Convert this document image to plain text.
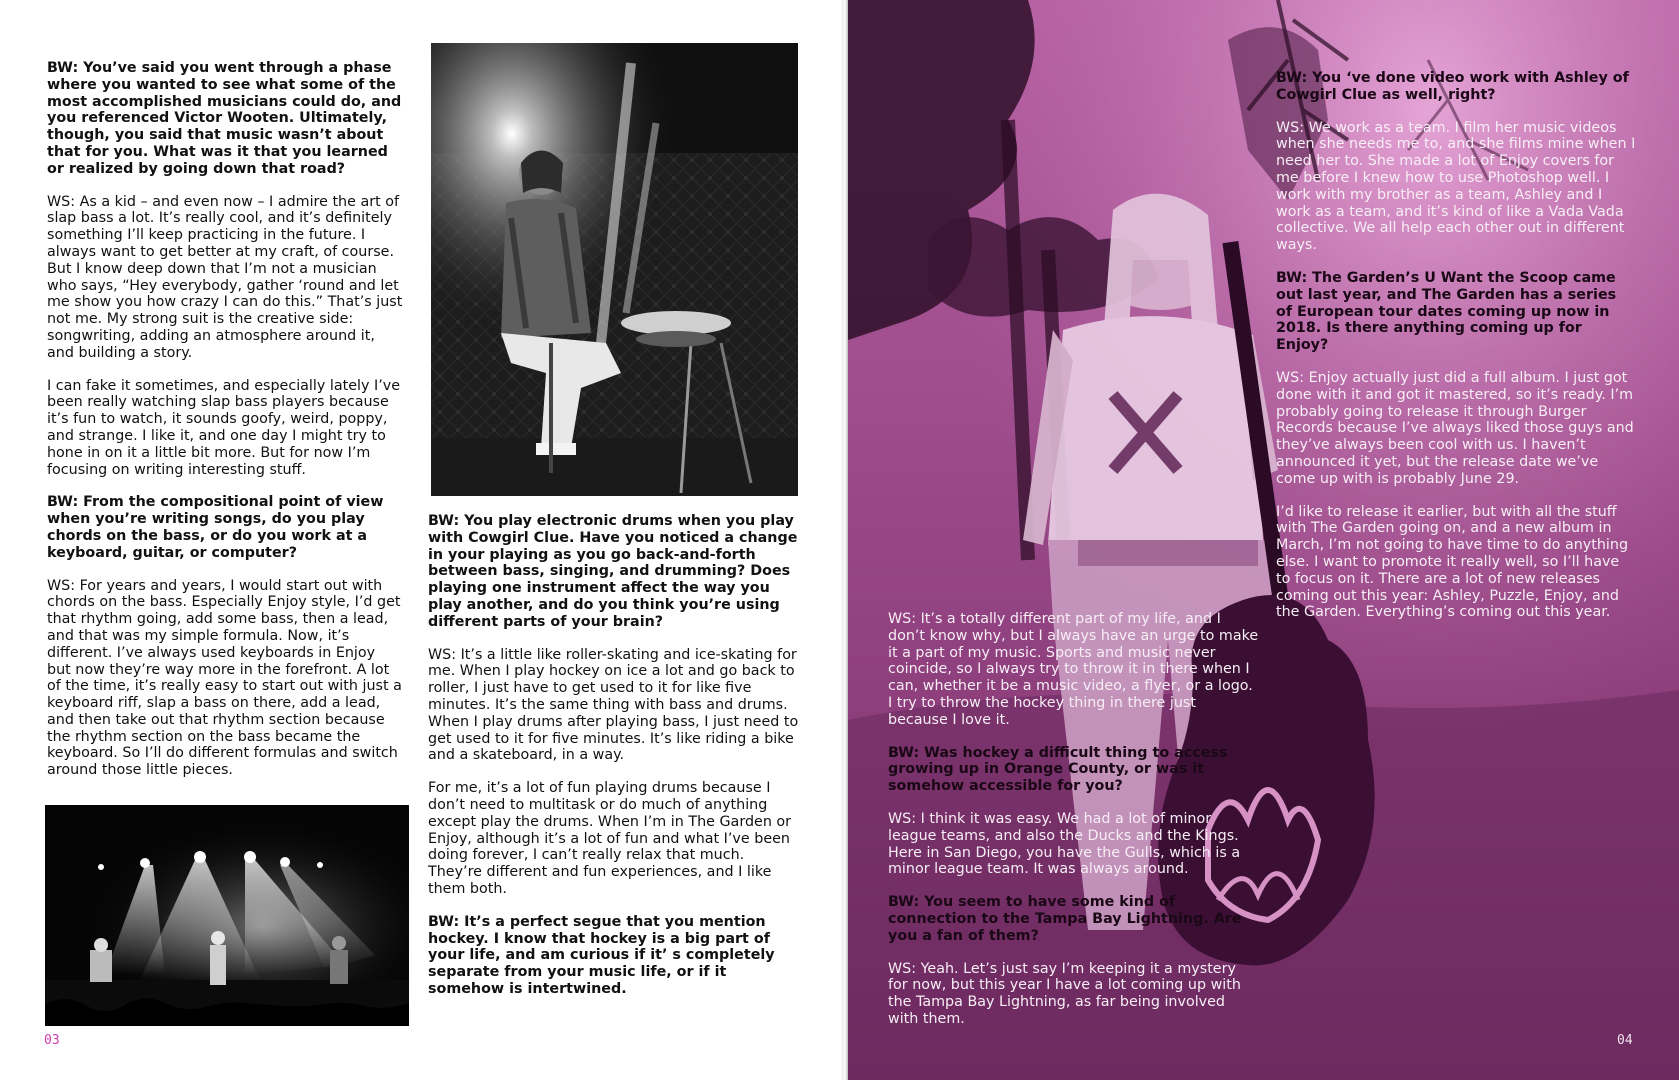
BW: You’ve said you went through a phase where you wanted to see what some of the most accomplished musicians could do, and you referenced Victor Wooten. Ultimately, though, you said that music wasn’t about that for you. What was it that you learned or realized by going down that road?

WS: As a kid – and even now – I admire the art of slap bass a lot. It’s really cool, and it’s definitely something I’ll keep practicing in the future. I always want to get better at my craft, of course. But I know deep down that I’m not a musician who says, “Hey everybody, gather ‘round and let me show you how crazy I can do this.” That’s just not me. My strong suit is the creative side: songwriting, adding an atmosphere around it, and building a story.

I can fake it sometimes, and especially lately I’ve been really watching slap bass players because it’s fun to watch, it sounds goofy, weird, poppy, and strange. I like it, and one day I might try to hone in on it a little bit more. But for now I’m focusing on writing interesting stuff.

BW: From the compositional point of view when you’re writing songs, do you play chords on the bass, or do you work at a keyboard, guitar, or computer?

WS: For years and years, I would start out with chords on the bass. Especially Enjoy style, I’d get that rhythm going, add some bass, then a lead, and that was my simple formula. Now, it’s different. I’ve always used keyboards in Enjoy but now they’re way more in the forefront. A lot of the time, it’s really easy to start out with just a keyboard riff, slap a bass on there, add a lead, and then take out that rhythm section because the rhythm section on the bass became the keyboard. So I’ll do different formulas and switch around those little pieces.

BW: You play electronic drums when you play with Cowgirl Clue. Have you noticed a change in your playing as you go back-and-forth between bass, singing, and drumming? Does playing one instrument affect the way you play another, and do you think you’re using different parts of your brain?

WS: It’s a little like roller-skating and ice-skating for me. When I play hockey on ice a lot and go back to roller, I just have to get used to it for like five minutes. It’s the same thing with bass and drums. When I play drums after playing bass, I just need to get used to it for five minutes. It’s like riding a bike and a skateboard, in a way.

For me, it’s a lot of fun playing drums because I don’t need to multitask or do much of anything except play the drums. When I’m in The Garden or Enjoy, although it’s a lot of fun and what I’ve been doing forever, I can’t really relax that much. They’re different and fun experiences, and I like them both.

BW: It’s a perfect segue that you mention hockey. I know that hockey is a big part of your life, and am curious if it’ s completely separate from your music life, or if it somehow is intertwined.

03

BW: You ‘ve done video work with Ashley of Cowgirl Clue as well, right?

WS: We work as a team. I film her music videos when she needs me to, and she films mine when I need her to. She made a lot of Enjoy covers for me before I knew how to use Photoshop well. I work with my brother as a team, Ashley and I work as a team, and it’s kind of like a Vada Vada collective. We all help each other out in different ways.

BW: The Garden’s U Want the Scoop came out last year, and The Garden has a series of European tour dates coming up now in 2018. Is there anything coming up for Enjoy?

WS: Enjoy actually just did a full album. I just got done with it and got it mastered, so it’s ready. I’m probably going to release it through Burger Records because I’ve always liked those guys and they’ve always been cool with us. I haven’t announced it yet, but the release date we’ve come up with is probably June 29.

I’d like to release it earlier, but with all the stuff with The Garden going on, and a new album in March, I’m not going to have time to do anything else. I want to promote it really well, so I’ll have to focus on it. There are a lot of new releases coming out this year: Ashley, Puzzle, Enjoy, and the Garden. Everything’s coming out this year.

WS: It’s a totally different part of my life, and I don’t know why, but I always have an urge to make it a part of my music. Sports and music never coincide, so I always try to throw it in there when I can, whether it be a music video, a flyer, or a logo. I try to throw the hockey thing in there just because I love it.

BW: Was hockey a difficult thing to access growing up in Orange County, or was it somehow accessible for you?

WS: I think it was easy. We had a lot of minor league teams, and also the Ducks and the Kings. Here in San Diego, you have the Gulls, which is a minor league team. It was always around.

BW: You seem to have some kind of connection to the Tampa Bay Lightning. Are you a fan of them?

WS: Yeah. Let’s just say I’m keeping it a mystery for now, but this year I have a lot coming up with the Tampa Bay Lightning, as far being involved with them.

04
